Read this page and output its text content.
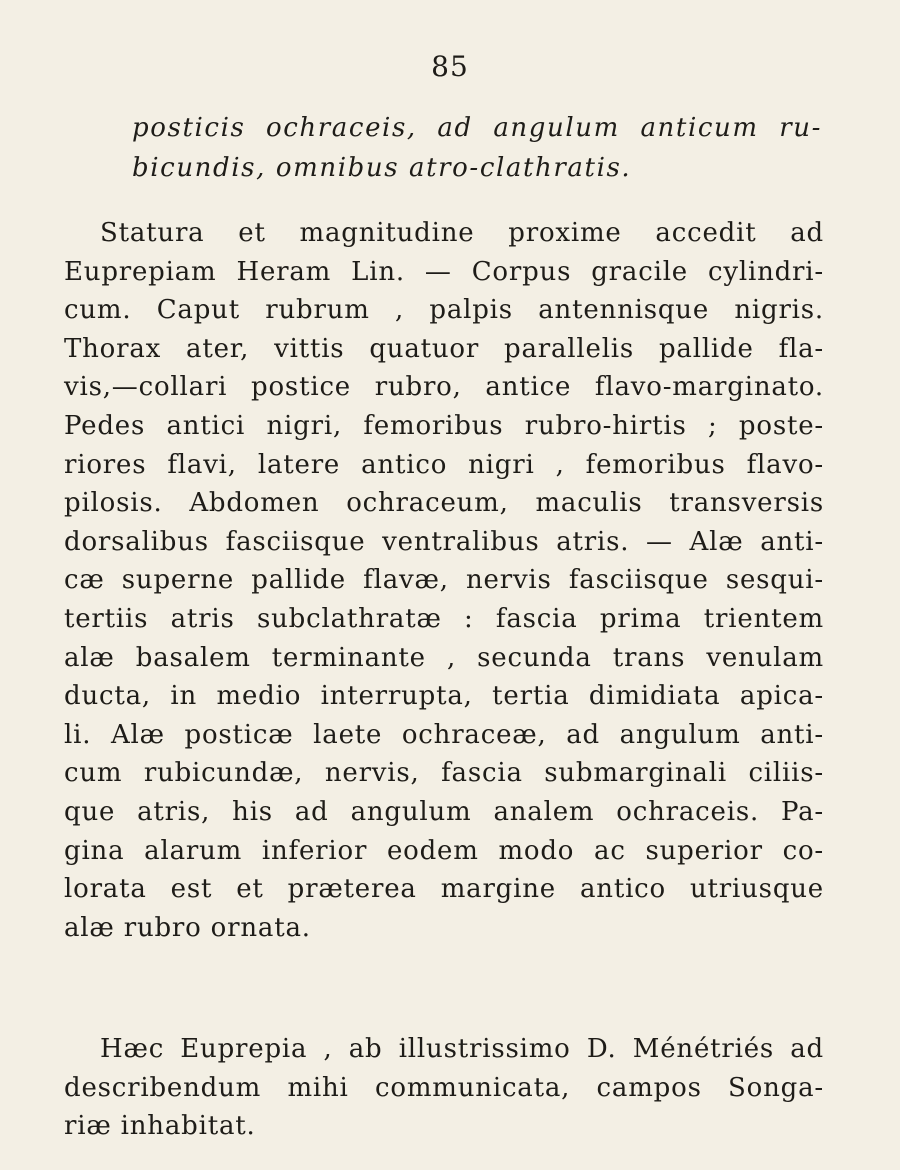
85
posticis ochraceis, ad angulum anticum ru-
bicundis, omnibus atro-clathratis.
Statura et magnitudine proxime accedit ad
Euprepiam Heram Lin. — Corpus gracile cylindri-
cum. Caput rubrum , palpis antennisque nigris.
Thorax ater, vittis quatuor parallelis pallide fla-
vis,—collari postice rubro, antice flavo-marginato.
Pedes antici nigri, femoribus rubro-hirtis ; poste-
riores flavi, latere antico nigri , femoribus flavo-
pilosis. Abdomen ochraceum, maculis transversis
dorsalibus fasciisque ventralibus atris. — Alæ anti-
cæ superne pallide flavæ, nervis fasciisque sesqui-
tertiis atris subclathratæ : fascia prima trientem
alæ basalem terminante , secunda trans venulam
ducta, in medio interrupta, tertia dimidiata apica-
li. Alæ posticæ laete ochraceæ, ad angulum anti-
cum rubicundæ, nervis, fascia submarginali ciliis-
que atris, his ad angulum analem ochraceis. Pa-
gina alarum inferior eodem modo ac superior co-
lorata est et præterea margine antico utriusque
alæ rubro ornata.
Hæc Euprepia , ab illustrissimo D. Ménétriés ad
describendum mihi communicata, campos Songa-
riæ inhabitat.
